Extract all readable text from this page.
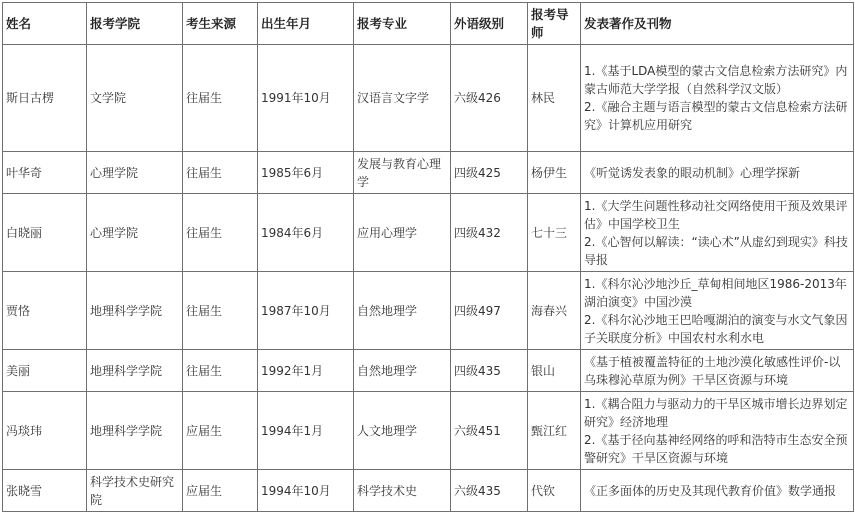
姓名	报考学院	考生来源	出生年月	报考专业	外语级别	报考导师	发表著作及刊物
斯日古楞	文学院	往届生	1991年10月	汉语言文字学	六级426	林民	1.《基于LDA模型的蒙古文信息检索方法研究》内蒙古师范大学学报（自然科学汉文版）
2.《融合主题与语言模型的蒙古文信息检索方法研究》计算机应用研究

叶华奇	心理学院	往届生	1985年6月	发展与教育心理学	四级425	杨伊生	《听觉诱发表象的眼动机制》心理学探新

白晓丽	心理学院	往届生	1984年6月	应用心理学	四级432	七十三	1.《大学生问题性移动社交网络使用干预及效果评估》中国学校卫生
2.《心智何以解读：“读心术”从虚幻到现实》科技导报

贾恪	地理科学学院	往届生	1987年10月	自然地理学	四级497	海春兴	1.《科尔沁沙地沙丘_草甸相间地区1986-2013年湖泊演变》中国沙漠
2.《科尔沁沙地王巴哈嘎湖泊的演变与水文气象因子关联度分析》中国农村水利水电

美丽	地理科学学院	往届生	1992年1月	自然地理学	四级435	银山	《基于植被覆盖特征的土地沙漠化敏感性评价-以乌珠穆沁草原为例》干旱区资源与环境

冯琰玮	地理科学学院	应届生	1994年1月	人文地理学	六级451	甄江红	1.《耦合阻力与驱动力的干旱区城市增长边界划定研究》经济地理
2.《基于径向基神经网络的呼和浩特市生态安全预警研究》干旱区资源与环境

张晓雪	科学技术史研究院	应届生	1994年10月	科学技术史	六级435	代钦	《正多面体的历史及其现代教育价值》数学通报
